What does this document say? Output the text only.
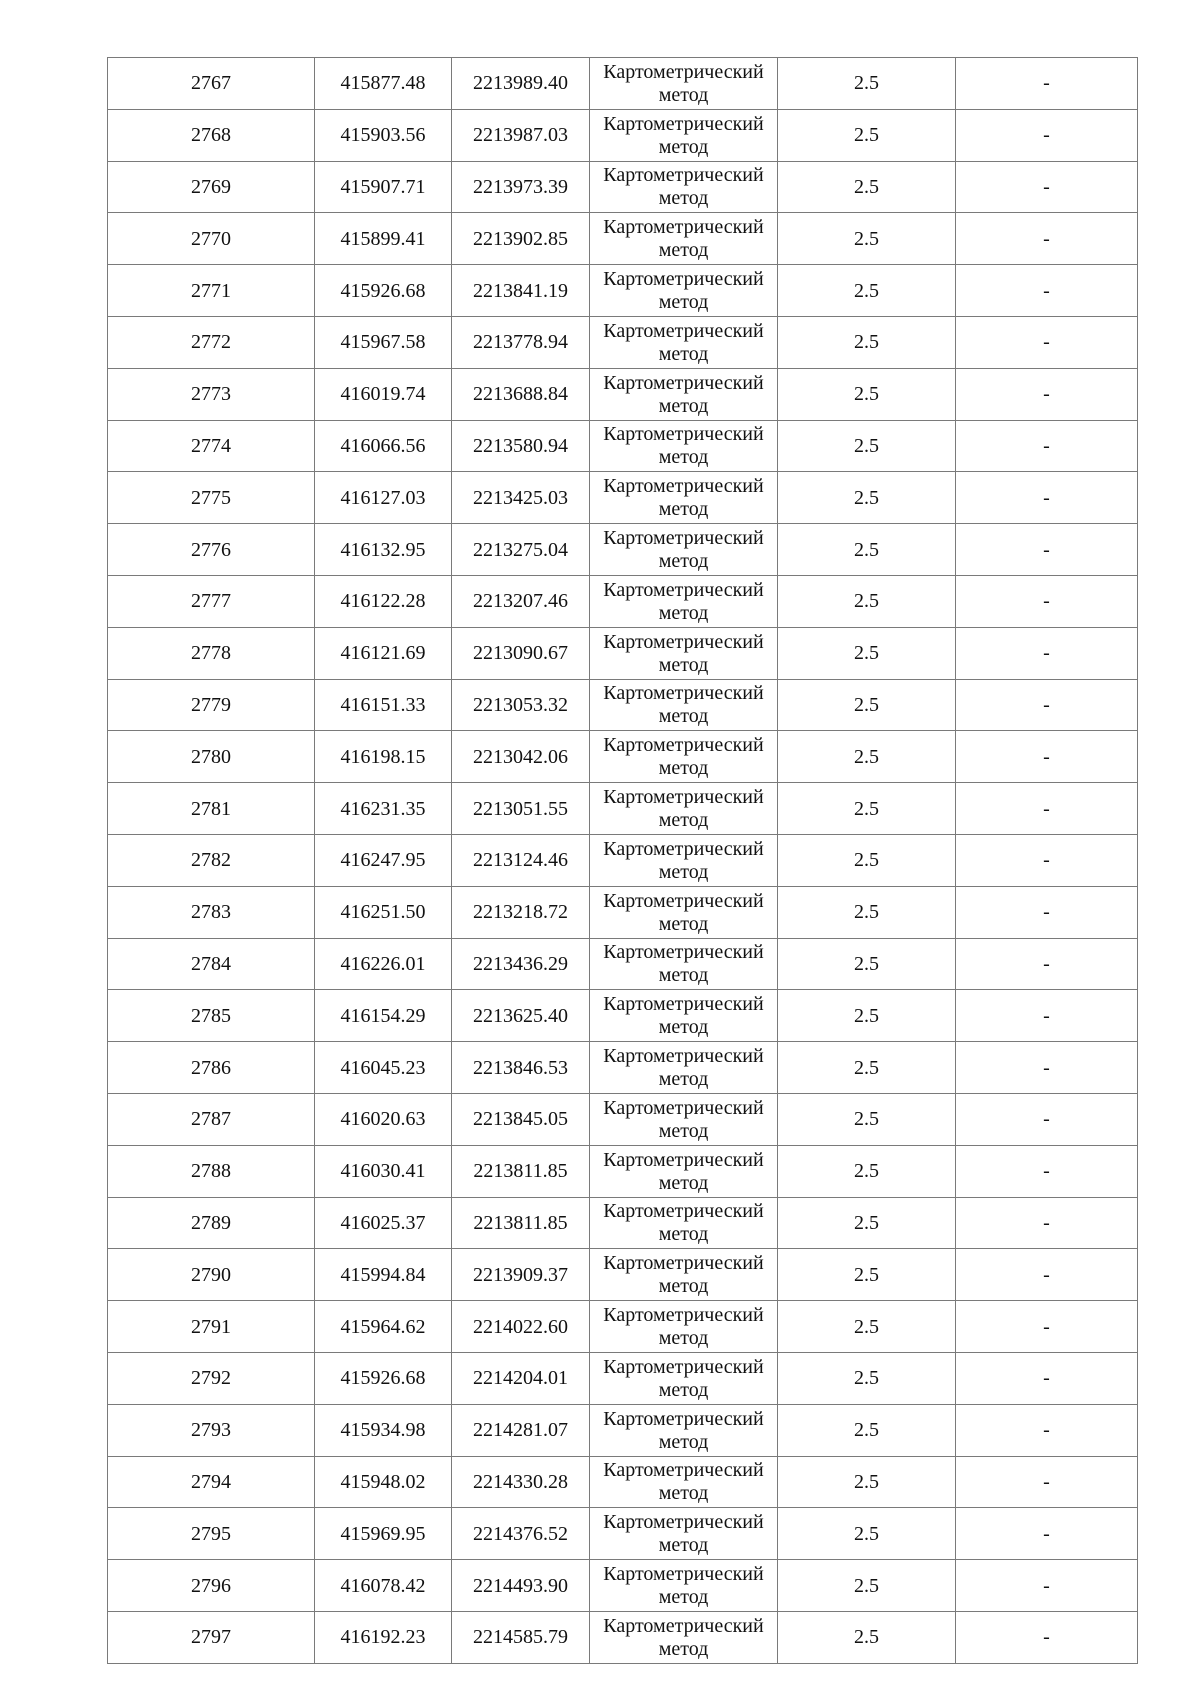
2767	415877.48	2213989.40	Картометрический метод	2.5	-
2768	415903.56	2213987.03	Картометрический метод	2.5	-
2769	415907.71	2213973.39	Картометрический метод	2.5	-
2770	415899.41	2213902.85	Картометрический метод	2.5	-
2771	415926.68	2213841.19	Картометрический метод	2.5	-
2772	415967.58	2213778.94	Картометрический метод	2.5	-
2773	416019.74	2213688.84	Картометрический метод	2.5	-
2774	416066.56	2213580.94	Картометрический метод	2.5	-
2775	416127.03	2213425.03	Картометрический метод	2.5	-
2776	416132.95	2213275.04	Картометрический метод	2.5	-
2777	416122.28	2213207.46	Картометрический метод	2.5	-
2778	416121.69	2213090.67	Картометрический метод	2.5	-
2779	416151.33	2213053.32	Картометрический метод	2.5	-
2780	416198.15	2213042.06	Картометрический метод	2.5	-
2781	416231.35	2213051.55	Картометрический метод	2.5	-
2782	416247.95	2213124.46	Картометрический метод	2.5	-
2783	416251.50	2213218.72	Картометрический метод	2.5	-
2784	416226.01	2213436.29	Картометрический метод	2.5	-
2785	416154.29	2213625.40	Картометрический метод	2.5	-
2786	416045.23	2213846.53	Картометрический метод	2.5	-
2787	416020.63	2213845.05	Картометрический метод	2.5	-
2788	416030.41	2213811.85	Картометрический метод	2.5	-
2789	416025.37	2213811.85	Картометрический метод	2.5	-
2790	415994.84	2213909.37	Картометрический метод	2.5	-
2791	415964.62	2214022.60	Картометрический метод	2.5	-
2792	415926.68	2214204.01	Картометрический метод	2.5	-
2793	415934.98	2214281.07	Картометрический метод	2.5	-
2794	415948.02	2214330.28	Картометрический метод	2.5	-
2795	415969.95	2214376.52	Картометрический метод	2.5	-
2796	416078.42	2214493.90	Картометрический метод	2.5	-
2797	416192.23	2214585.79	Картометрический метод	2.5	-
